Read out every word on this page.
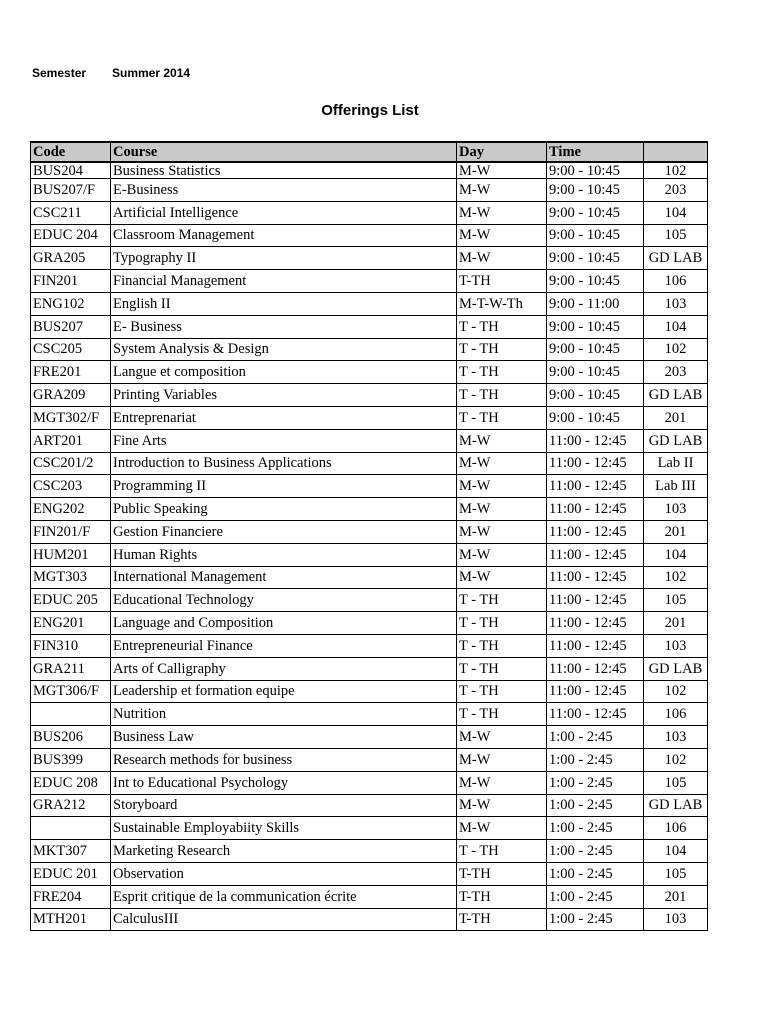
Semester Summer 2014
Offerings List
Code	Course	Day	Time	
BUS204	Business Statistics	M-W	9:00 - 10:45	102
BUS207/F	E-Business	M-W	9:00 - 10:45	203
CSC211	Artificial Intelligence	M-W	9:00 - 10:45	104
EDUC 204	Classroom Management	M-W	9:00 - 10:45	105
GRA205	Typography II	M-W	9:00 - 10:45	GD LAB
FIN201	Financial Management	T-TH	9:00 - 10:45	106
ENG102	English II	M-T-W-Th	9:00 - 11:00	103
BUS207	E- Business	T - TH	9:00 - 10:45	104
CSC205	System Analysis & Design	T - TH	9:00 - 10:45	102
FRE201	Langue et composition	T - TH	9:00 - 10:45	203
GRA209	Printing Variables	T - TH	9:00 - 10:45	GD LAB
MGT302/F	Entreprenariat	T - TH	9:00 - 10:45	201
ART201	Fine Arts	M-W	11:00 - 12:45	GD LAB
CSC201/2	Introduction to Business Applications	M-W	11:00 - 12:45	Lab II
CSC203	Programming II	M-W	11:00 - 12:45	Lab III
ENG202	Public Speaking	M-W	11:00 - 12:45	103
FIN201/F	Gestion Financiere	M-W	11:00 - 12:45	201
HUM201	Human Rights	M-W	11:00 - 12:45	104
MGT303	International Management	M-W	11:00 - 12:45	102
EDUC 205	Educational Technology	T - TH	11:00 - 12:45	105
ENG201	Language and Composition	T - TH	11:00 - 12:45	201
FIN310	Entrepreneurial Finance	T - TH	11:00 - 12:45	103
GRA211	Arts of Calligraphy	T - TH	11:00 - 12:45	GD LAB
MGT306/F	Leadership et formation equipe	T - TH	11:00 - 12:45	102
	Nutrition	T - TH	11:00 - 12:45	106
BUS206	Business Law	M-W	1:00 - 2:45	103
BUS399	Research methods for business	M-W	1:00 - 2:45	102
EDUC 208	Int to Educational Psychology	M-W	1:00 - 2:45	105
GRA212	Storyboard	M-W	1:00 - 2:45	GD LAB
	Sustainable Employabiity Skills	M-W	1:00 - 2:45	106
MKT307	Marketing Research	T - TH	1:00 - 2:45	104
EDUC 201	Observation	T-TH	1:00 - 2:45	105
FRE204	Esprit critique de la communication écrite	T-TH	1:00 - 2:45	201
MTH201	CalculusIII	T-TH	1:00 - 2:45	103
